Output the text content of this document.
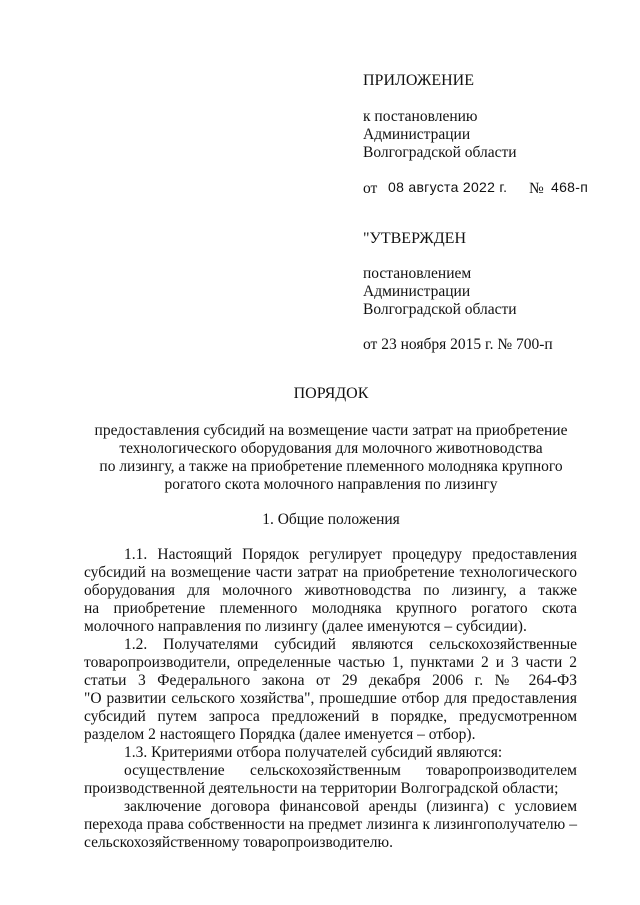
ПРИЛОЖЕНИЕ
к постановлению
Администрации
Волгоградской области
от 08 августа 2022 г. № 468-п
"УТВЕРЖДЕН
постановлением
Администрации
Волгоградской области
от 23 ноября 2015 г. № 700-п
ПОРЯДОК
предоставления субсидий на возмещение части затрат на приобретение
технологического оборудования для молочного животноводства
по лизингу, а также на приобретение племенного молодняка крупного
рогатого скота молочного направления по лизингу
1. Общие положения
1.1. Настоящий Порядок регулирует процедуру предоставления
субсидий на возмещение части затрат на приобретение технологического
оборудования для молочного животноводства по лизингу, а также
на приобретение племенного молодняка крупного рогатого скота
молочного направления по лизингу (далее именуются – субсидии).
1.2. Получателями субсидий являются сельскохозяйственные
товаропроизводители, определенные частью 1, пунктами 2 и 3 части 2
статьи 3 Федерального закона от 29 декабря 2006 г. № 264-ФЗ
"О развитии сельского хозяйства", прошедшие отбор для предоставления
субсидий путем запроса предложений в порядке, предусмотренном
разделом 2 настоящего Порядка (далее именуется – отбор).
1.3. Критериями отбора получателей субсидий являются:
осуществление сельскохозяйственным товаропроизводителем
производственной деятельности на территории Волгоградской области;
заключение договора финансовой аренды (лизинга) с условием
перехода права собственности на предмет лизинга к лизингополучателю –
сельскохозяйственному товаропроизводителю.
